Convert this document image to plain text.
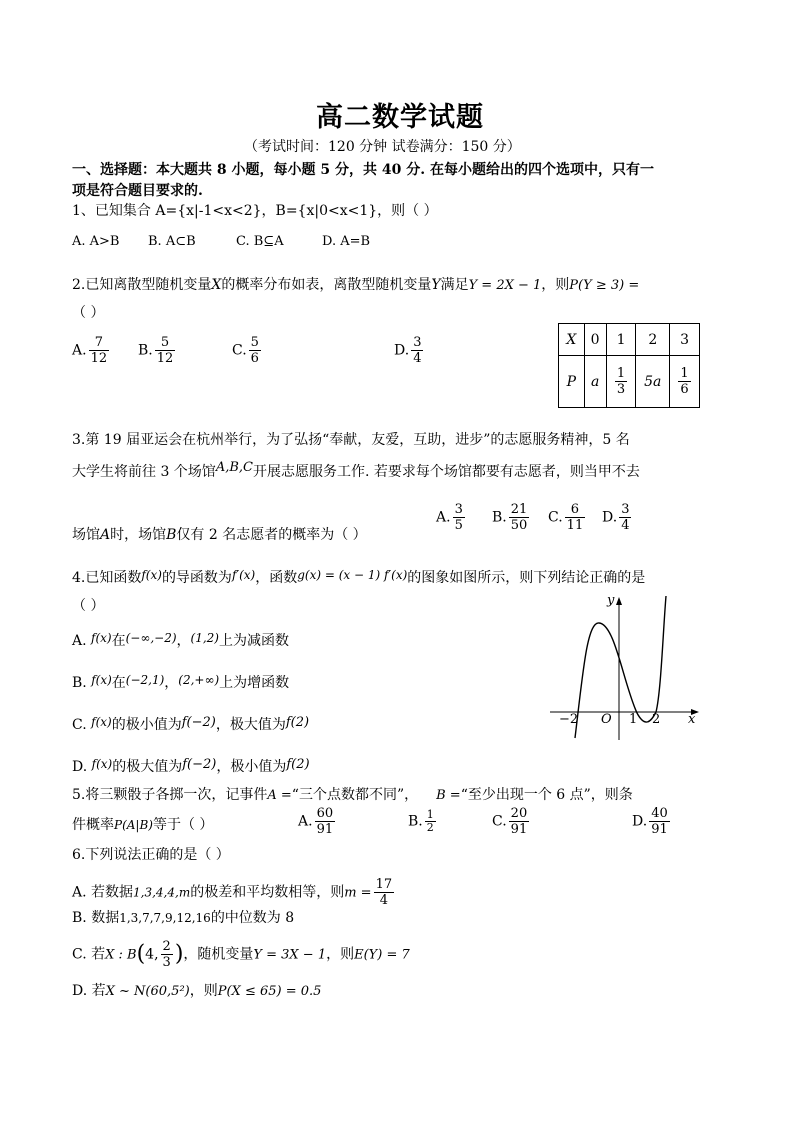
高二数学试题
（考试时间：120 分钟 试卷满分：150 分）
一、选择题：本大题共 8 小题，每小题 5 分，共 40 分. 在每小题给出的四个选项中，只有一
项是符合题目要求的.
1、已知集合 A={x|-1<x<2}，B={x|0<x<1}，则（ ）
A. A>B B. A⊂B	C. B⊆A	D. A=B
2.已知离散型随机变量X的概率分布如表，离散型随机变量Y满足Y = 2X − 1，则P(Y ≥ 3) =
（ ）
A. $\frac{7}{12} B$. $\frac{5}{12}$	C. $\frac{5}{6}$	D. $\frac{3}{4}$	X	0	1	2	3
P	a	$\frac{1}{3}$	5a	$\frac{1}{6}$
3.第 19 届亚运会在杭州举行，为了弘扬“奉献，友爱，互助，进步”的志愿服务精神，5 名
大学生将前往 3 个场馆A,B,C开展志愿服务工作. 若要求每个场馆都要有志愿者，则当甲不去
场馆A时，场馆B仅有 2 名志愿者的概率为（ ）
A. $\frac{3}{5} B$. $\frac{21}{50} C$. $\frac{6}{11} D$. $\frac{3}{4}$
4.已知函数f(x)的导函数为f′(x)，函数g(x) = (x − 1) f′(x)的图象如图所示，则下列结论正确的是
（ ）
A. f(x)在(−∞,−2)，(1,2)上为减函数
B. f(x)在(−2,1)，(2,+∞)上为增函数
C. f(x)的极小值为f(−2)，极大值为f(2)
D. f(x)的极大值为f(−2)，极小值为f(2)
y
x
O
−2	1 2
5.将三颗骰子各掷一次，记事件A =“三个点数都不同”， B =“至少出现一个 6 点”，则条
件概率P(A|B)等于（ ）	A. $\frac{60}{91}$	B. $\frac{1}{2}$	C. $\frac{20}{91}$	D. $\frac{40}{91}$
6.下列说法正确的是（ ）
A. 若数据1,3,4,4,m的极差和平均数相等，则$m = \frac{17}{4}$
B. 数据1,3,7,7,9,12,16的中位数为 8
C. 若X : B(4, $\frac{2}{3}$ )，随机变量Y = 3X − 1，则E(Y) = 7
D. 若X ~ N(60,5²)，则P(X ≤ 65) = 0.5
